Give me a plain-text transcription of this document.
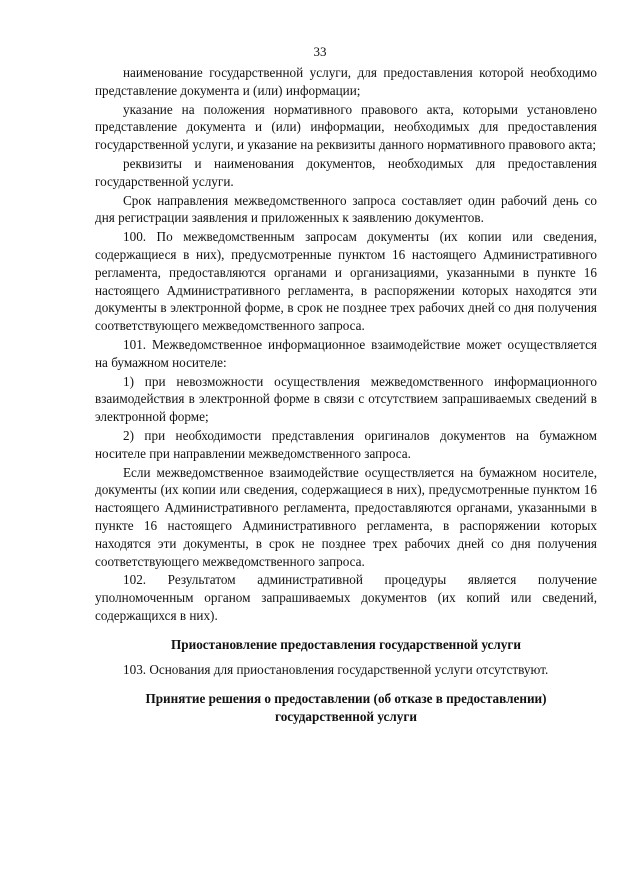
33

наименование государственной услуги, для предоставления которой необходимо представление документа и (или) информации;

указание на положения нормативного правового акта, которыми установлено представление документа и (или) информации, необходимых для предоставления государственной услуги, и указание на реквизиты данного нормативного правового акта;

реквизиты и наименования документов, необходимых для предоставления государственной услуги.

Срок направления межведомственного запроса составляет один рабочий день со дня регистрации заявления и приложенных к заявлению документов.

100. По межведомственным запросам документы (их копии или сведения, содержащиеся в них), предусмотренные пунктом 16 настоящего Административного регламента, предоставляются органами и организациями, указанными в пункте 16 настоящего Административного регламента, в распоряжении которых находятся эти документы в электронной форме, в срок не позднее трех рабочих дней со дня получения соответствующего межведомственного запроса.

101. Межведомственное информационное взаимодействие может осуществляется на бумажном носителе:

1) при невозможности осуществления межведомственного информационного взаимодействия в электронной форме в связи с отсутствием запрашиваемых сведений в электронной форме;

2) при необходимости представления оригиналов документов на бумажном носителе при направлении межведомственного запроса.

Если межведомственное взаимодействие осуществляется на бумажном носителе, документы (их копии или сведения, содержащиеся в них), предусмотренные пунктом 16 настоящего Административного регламента, предоставляются органами, указанными в пункте 16 настоящего Административного регламента, в распоряжении которых находятся эти документы, в срок не позднее трех рабочих дней со дня получения соответствующего межведомственного запроса.

102. Результатом административной процедуры является получение уполномоченным органом запрашиваемых документов (их копий или сведений, содержащихся в них).

Приостановление предоставления государственной услуги

103. Основания для приостановления государственной услуги отсутствуют.

Принятие решения о предоставлении (об отказе в предоставлении) государственной услуги
